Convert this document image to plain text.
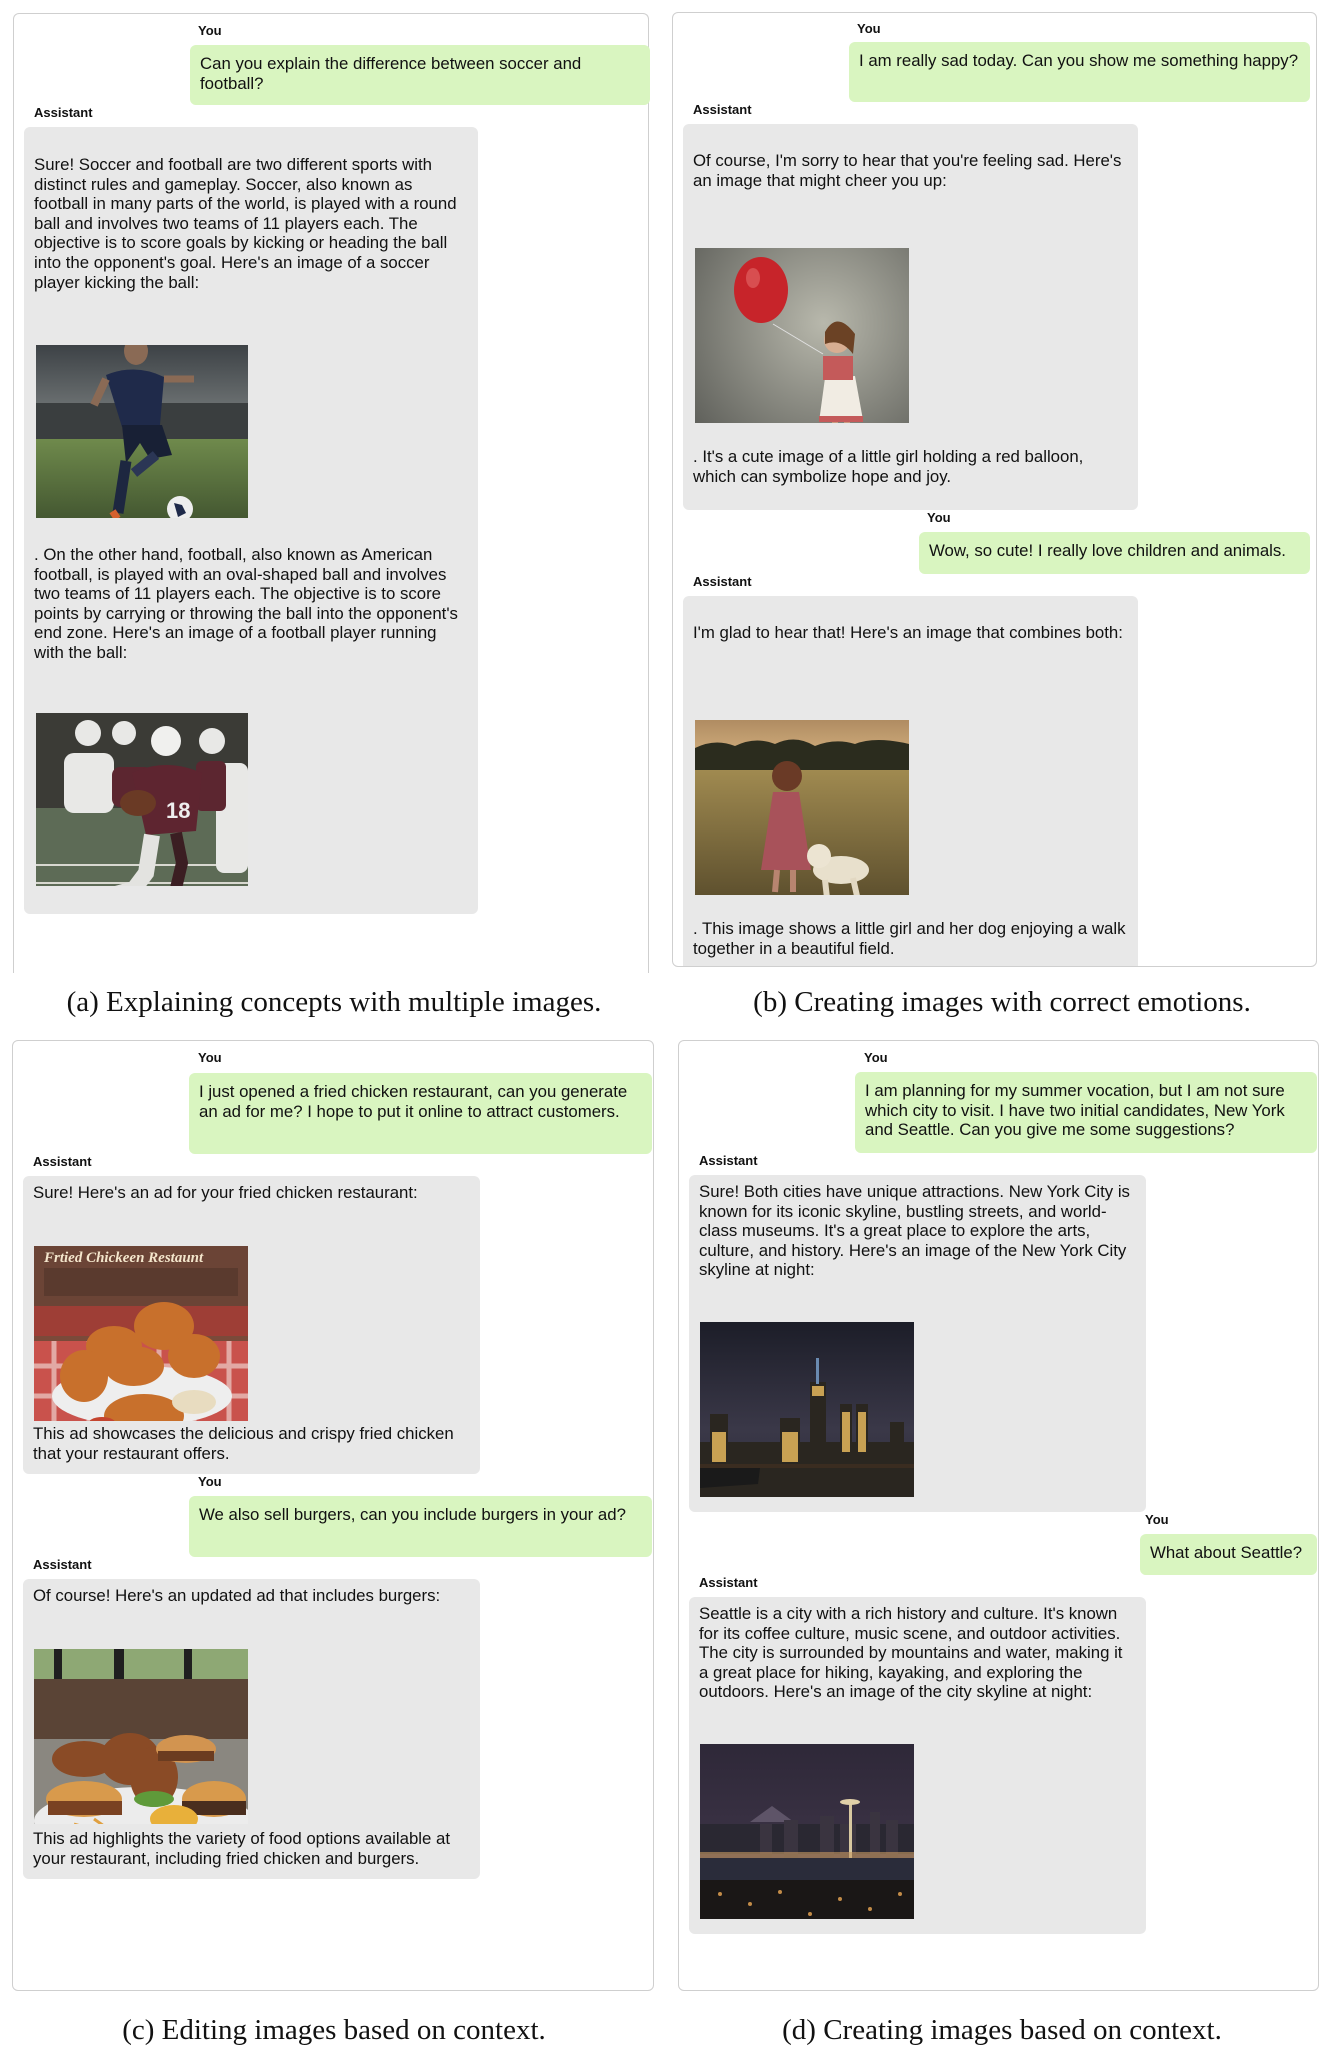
You
Can you explain the difference between soccer and football?
Assistant

Sure! Soccer and football are two different sports with distinct rules and gameplay. Soccer, also known as football in many parts of the world, is played with a round ball and involves two teams of 11 players each. The objective is to score goals by kicking or heading the ball into the opponent's goal. Here's an image of a soccer player kicking the ball:

. On the other hand, football, also known as American football, is played with an oval-shaped ball and involves two teams of 11 players each. The objective is to score points by carrying or throwing the ball into the opponent's end zone. Here's an image of a football player running with the ball:

18

(a) Explaining concepts with multiple images.
You
I am really sad today. Can you show me something happy?
Assistant

Of course, I'm sorry to hear that you're feeling sad. Here's an image that might cheer you up:

. It's a cute image of a little girl holding a red balloon, which can symbolize hope and joy.

You
Wow, so cute! I really love children and animals.
Assistant

I'm glad to hear that! Here's an image that combines both:

. This image shows a little girl and her dog enjoying a walk together in a beautiful field.

(b) Creating images with correct emotions.
You
I just opened a fried chicken restaurant, can you generate an ad for me? I hope to put it online to attract customers.
Assistant

Sure! Here's an ad for your fried chicken restaurant:

Frtied Chickeen Restaunt

This ad showcases the delicious and crispy fried chicken that your restaurant offers.

You
We also sell burgers, can you include burgers in your ad?
Assistant

Of course! Here's an updated ad that includes burgers:

This ad highlights the variety of food options available at your restaurant, including fried chicken and burgers.

(c) Editing images based on context.
You
I am planning for my summer vocation, but I am not sure which city to visit. I have two initial candidates, New York and Seattle. Can you give me some suggestions?
Assistant

Sure! Both cities have unique attractions. New York City is known for its iconic skyline, bustling streets, and world-class museums. It's a great place to explore the arts, culture, and history. Here's an image of the New York City skyline at night:

You
What about Seattle?
Assistant

Seattle is a city with a rich history and culture. It's known for its coffee culture, music scene, and outdoor activities. The city is surrounded by mountains and water, making it a great place for hiking, kayaking, and exploring the outdoors. Here's an image of the city skyline at night:

(d) Creating images based on context.
